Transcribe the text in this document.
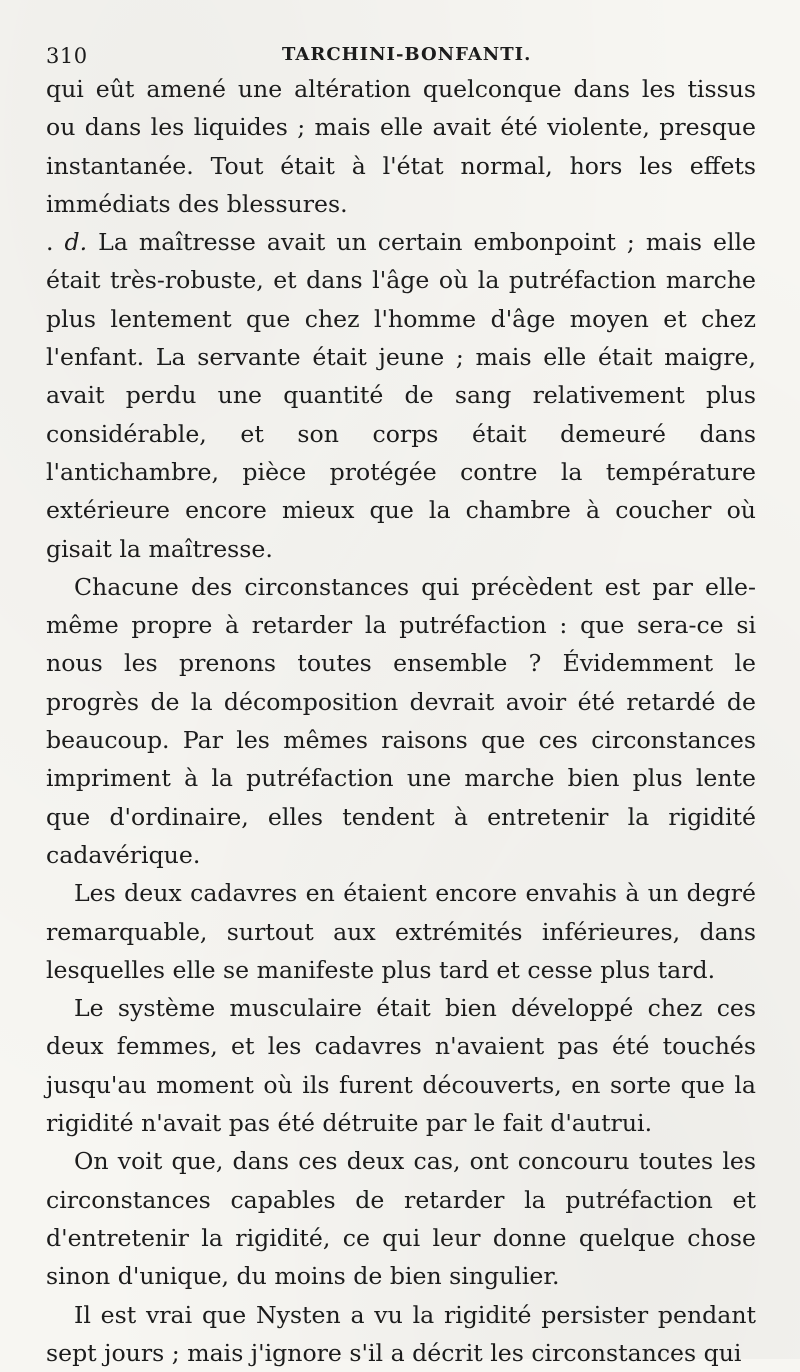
310	TARCHINI-BONFANTI.

qui eût amené une altération quelconque dans les tissus ou dans les liquides ; mais elle avait été violente, presque instantanée. Tout était à l'état normal, hors les effets immédiats des blessures.

. d. La maîtresse avait un certain embonpoint ; mais elle était très-robuste, et dans l'âge où la putréfaction marche plus lentement que chez l'homme d'âge moyen et chez l'enfant. La servante était jeune ; mais elle était maigre, avait perdu une quantité de sang relativement plus considérable, et son corps était demeuré dans l'antichambre, pièce protégée contre la température extérieure encore mieux que la chambre à coucher où gisait la maîtresse.

Chacune des circonstances qui précèdent est par elle-même propre à retarder la putréfaction : que sera-ce si nous les prenons toutes ensemble ? Évidemment le progrès de la décomposition devrait avoir été retardé de beaucoup. Par les mêmes raisons que ces circonstances impriment à la putréfaction une marche bien plus lente que d'ordinaire, elles tendent à entretenir la rigidité cadavérique.

Les deux cadavres en étaient encore envahis à un degré remarquable, surtout aux extrémités inférieures, dans lesquelles elle se manifeste plus tard et cesse plus tard.

Le système musculaire était bien développé chez ces deux femmes, et les cadavres n'avaient pas été touchés jusqu'au moment où ils furent découverts, en sorte que la rigidité n'avait pas été détruite par le fait d'autrui.

On voit que, dans ces deux cas, ont concouru toutes les circonstances capables de retarder la putréfaction et d'entretenir la rigidité, ce qui leur donne quelque chose sinon d'unique, du moins de bien singulier.

Il est vrai que Nysten a vu la rigidité persister pendant sept jours ; mais j'ignore s'il a décrit les circonstances qui
